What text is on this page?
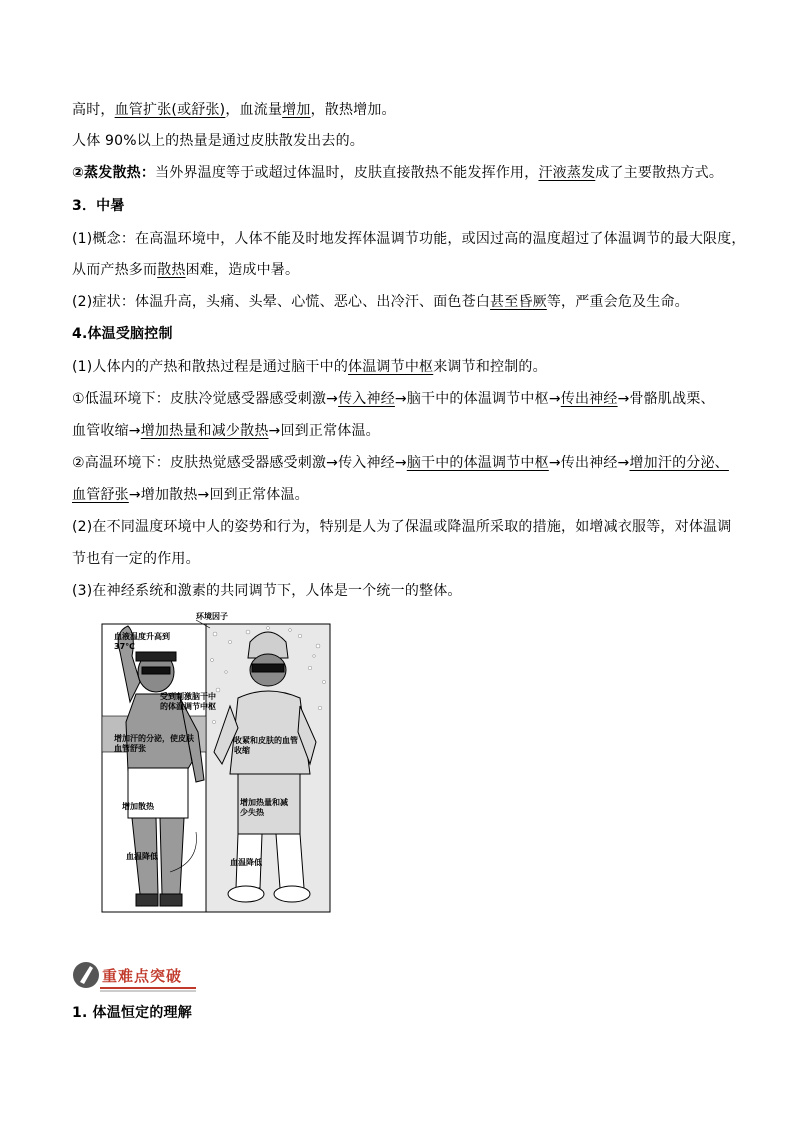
高时，血管扩张(或舒张)，血流量增加，散热增加。
人体 90%以上的热量是通过皮肤散发出去的。
②蒸发散热：当外界温度等于或超过体温时，皮肤直接散热不能发挥作用，汗液蒸发成了主要散热方式。
3．中暑
(1)概念：在高温环境中，人体不能及时地发挥体温调节功能，或因过高的温度超过了体温调节的最大限度，
从而产热多而散热困难，造成中暑。
(2)症状：体温升高，头痛、头晕、心慌、恶心、出冷汗、面色苍白甚至昏厥等，严重会危及生命。
4.体温受脑控制
(1)人体内的产热和散热过程是通过脑干中的体温调节中枢来调节和控制的。
①低温环境下：皮肤冷觉感受器感受刺激→传入神经→脑干中的体温调节中枢→传出神经→骨骼肌战栗、
血管收缩→增加热量和减少散热→回到正常体温。
②高温环境下：皮肤热觉感受器感受刺激→传入神经→脑干中的体温调节中枢→传出神经→增加汗的分泌、
血管舒张→增加散热→回到正常体温。
(2)在不同温度环境中人的姿势和行为，特别是人为了保温或降温所采取的措施，如增减衣服等，对体温调
节也有一定的作用。
(3)在神经系统和激素的共同调节下，人体是一个统一的整体。
环境因子
血液温度升高到37℃
受到刺激脑干中的体温调节中枢
增加汗的分泌，使皮肤血管舒张
增加散热
血温降低
收紧和皮肤的血管收缩
增加热量和减少失热
血温降低
重难点突破
1. 体温恒定的理解
